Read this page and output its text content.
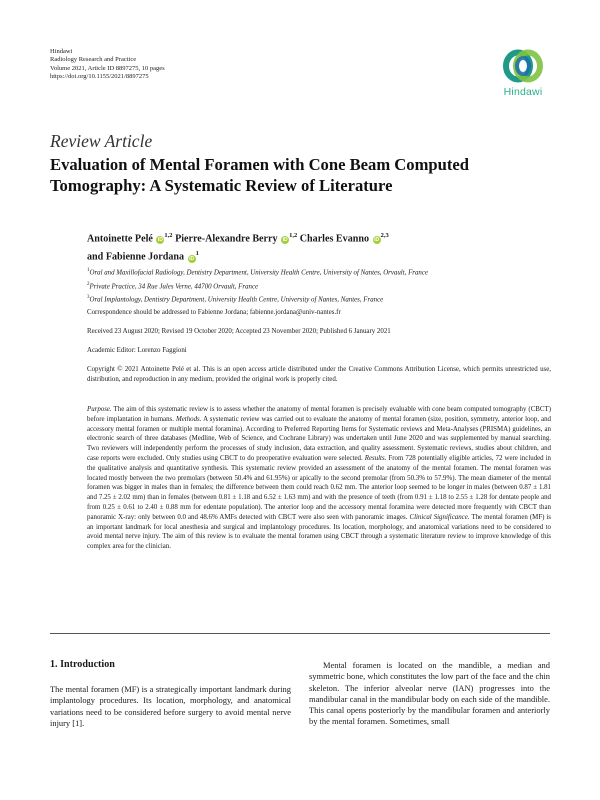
Hindawi
Radiology Research and Practice
Volume 2021, Article ID 8897275, 10 pages
https://doi.org/10.1155/2021/8897275
Hindawi
Review Article
Evaluation of Mental Foramen with Cone Beam Computed Tomography: A Systematic Review of Literature
Antoinette Pelé iD$^{1,2}$ Pierre-Alexandre Berry iD$^{1,2}$ Charles Evanno iD$^{2,3}$
and Fabienne Jordana $iD^1$
$^1$Oral and Maxillofacial Radiology, Dentistry Department, University Health Centre, University of Nantes, Orvault, France
$^2$Private Practice, 34 Rue Jules Verne, 44700 Orvault, France
$^3$Oral Implantology, Dentistry Department, University Health Centre, University of Nantes, Nantes, France
Correspondence should be addressed to Fabienne Jordana; fabienne.jordana@univ-nantes.fr
Received 23 August 2020; Revised 19 October 2020; Accepted 23 November 2020; Published 6 January 2021
Academic Editor: Lorenzo Faggioni
Copyright © 2021 Antoinette Pelé et al. This is an open access article distributed under the Creative Commons Attribution License, which permits unrestricted use, distribution, and reproduction in any medium, provided the original work is properly cited.
Purpose. The aim of this systematic review is to assess whether the anatomy of mental foramen is precisely evaluable with cone beam computed tomography (CBCT) before implantation in humans. Methods. A systematic review was carried out to evaluate the anatomy of mental foramen (size, position, symmetry, anterior loop, and accessory mental foramen or multiple mental foramina). According to Preferred Reporting Items for Systematic reviews and Meta-Analyses (PRISMA) guidelines, an electronic search of three databases (Medline, Web of Science, and Cochrane Library) was undertaken until June 2020 and was supplemented by manual searching. Two reviewers will independently perform the processes of study inclusion, data extraction, and quality assessment. Systematic reviews, studies about children, and case reports were excluded. Only studies using CBCT to do preoperative evaluation were selected. Results. From 728 potentially eligible articles, 72 were included in the qualitative analysis and quantitative synthesis. This systematic review provided an assessment of the anatomy of the mental foramen. The mental foramen was located mostly between the two premolars (between 50.4% and 61.95%) or apically to the second premolar (from 50.3% to 57.9%). The mean diameter of the mental foramen was bigger in males than in females; the difference between them could reach 0.62 mm. The anterior loop seemed to be longer in males (between 0.87 ± 1.81 and 7.25 ± 2.02 mm) than in females (between 0.81 ± 1.18 and 6.52 ± 1.63 mm) and with the presence of teeth (from 0.91 ± 1.18 to 2.55 ± 1.28 for dentate people and from 0.25 ± 0.61 to 2.40 ± 0.88 mm for edentate population). The anterior loop and the accessory mental foramina were detected more frequently with CBCT than panoramic X-ray: only between 0.0 and 48.6% AMFs detected with CBCT were also seen with panoramic images. Clinical Significance. The mental foramen (MF) is an important landmark for local anesthesia and surgical and implantology procedures. Its location, morphology, and anatomical variations need to be considered to avoid mental nerve injury. The aim of this review is to evaluate the mental foramen using CBCT through a systematic literature review to improve knowledge of this complex area for the clinician.
1. Introduction
The mental foramen (MF) is a strategically important landmark during implantology procedures. Its location, morphology, and anatomical variations need to be considered before surgery to avoid mental nerve injury [1].
Mental foramen is located on the mandible, a median and symmetric bone, which constitutes the low part of the face and the chin skeleton. The inferior alveolar nerve (IAN) progresses into the mandibular canal in the mandibular body on each side of the mandible. This canal opens posteriorly by the mandibular foramen and anteriorly by the mental foramen. Sometimes, small
